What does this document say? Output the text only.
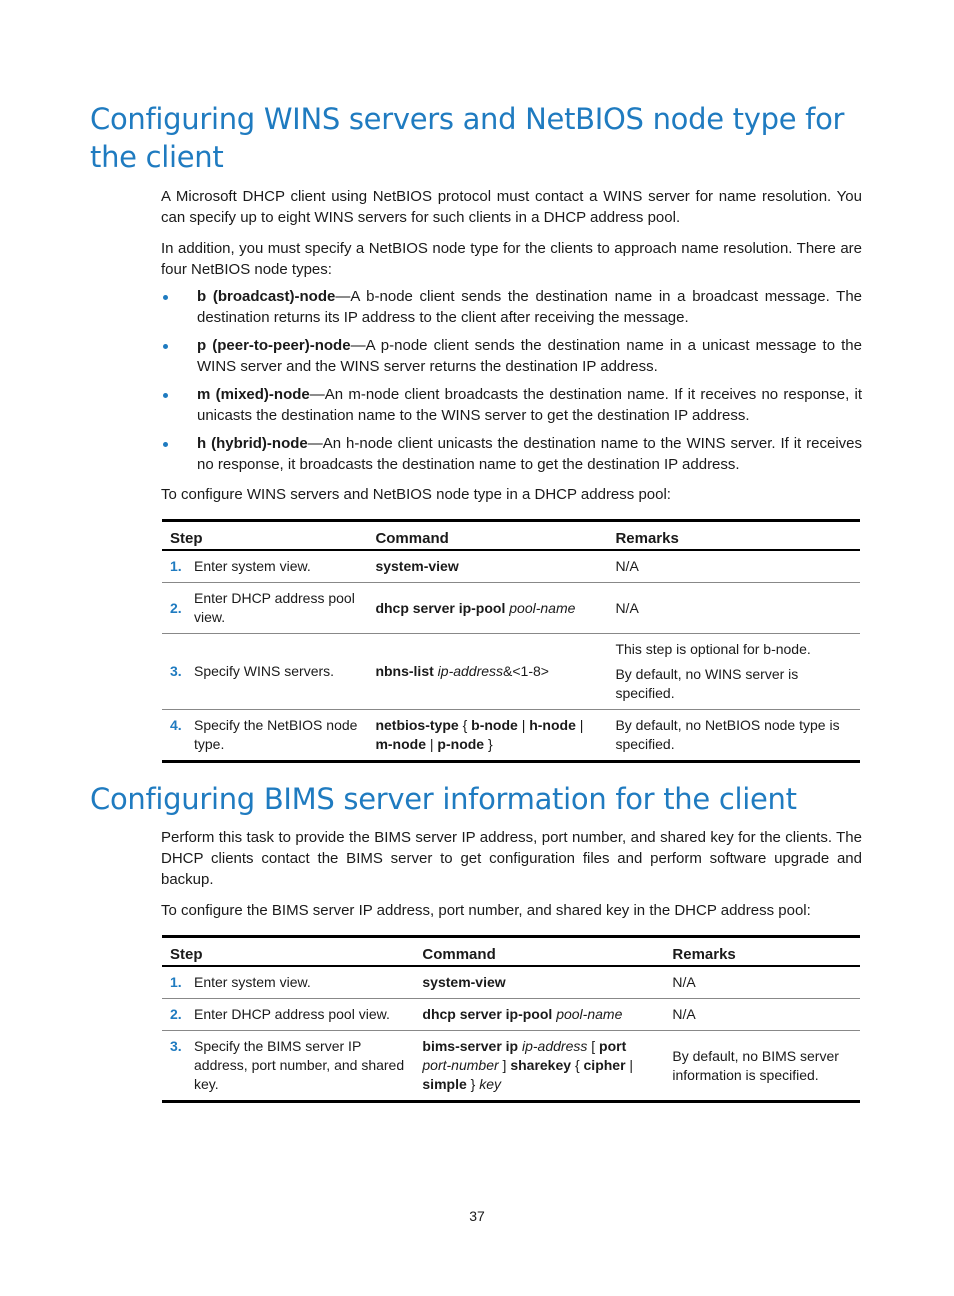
Configuring WINS servers and NetBIOS node type for the client

A Microsoft DHCP client using NetBIOS protocol must contact a WINS server for name resolution. You can specify up to eight WINS servers for such clients in a DHCP address pool.

In addition, you must specify a NetBIOS node type for the clients to approach name resolution. There are four NetBIOS node types:

b (broadcast)-node—A b-node client sends the destination name in a broadcast message. The destination returns its IP address to the client after receiving the message.
p (peer-to-peer)-node—A p-node client sends the destination name in a unicast message to the WINS server and the WINS server returns the destination IP address.
m (mixed)-node—An m-node client broadcasts the destination name. If it receives no response, it unicasts the destination name to the WINS server to get the destination IP address.
h (hybrid)-node—An h-node client unicasts the destination name to the WINS server. If it receives no response, it broadcasts the destination name to get the destination IP address.

To configure WINS servers and NetBIOS node type in a DHCP address pool:

Step		Command	Remarks
1.	Enter system view.	system-view	N/A
2.	Enter DHCP address pool view.	dhcp server ip-pool pool-name	N/A
3.	Specify WINS servers.	nbns-list ip-address&<1-8>	This step is optional for b-node.
By default, no WINS server is specified.

4.	Specify the NetBIOS node type.	netbios-type { b-node | h-node | m-node | p-node }	By default, no NetBIOS node type is specified.
Configuring BIMS server information for the client

Perform this task to provide the BIMS server IP address, port number, and shared key for the clients. The DHCP clients contact the BIMS server to get configuration files and perform software upgrade and backup.

To configure the BIMS server IP address, port number, and shared key in the DHCP address pool:

Step		Command	Remarks
1.	Enter system view.	system-view	N/A
2.	Enter DHCP address pool view.	dhcp server ip-pool pool-name	N/A
3.	Specify the BIMS server IP address, port number, and shared key.	bims-server ip ip-address [ port port-number ] sharekey { cipher | simple } key	By default, no BIMS server information is specified.
37
